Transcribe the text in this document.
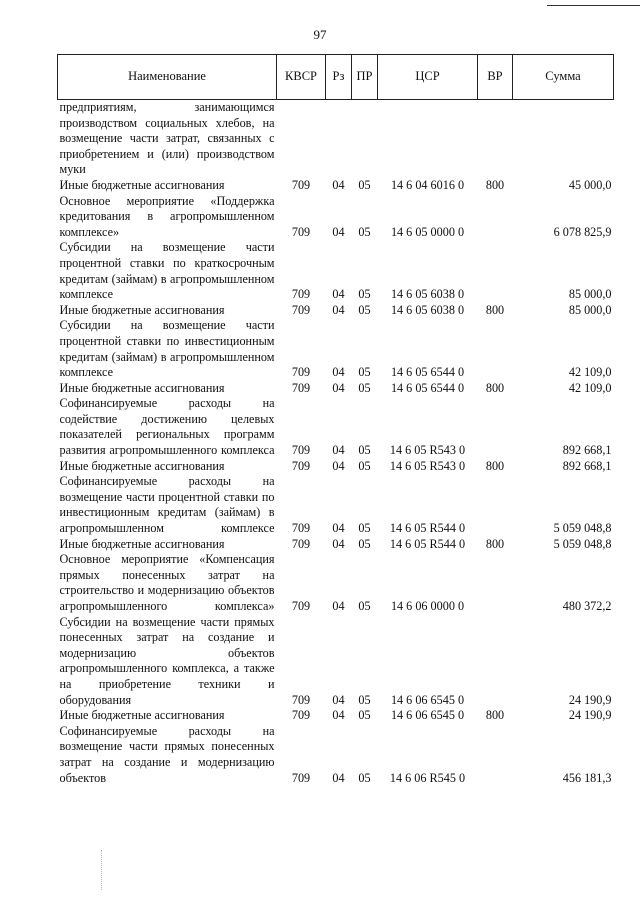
97
Наименование	КВСР	Рз	ПР	ЦСР	ВР	Сумма
предприятиям, занимающимся производством социальных хлебов, на возмещение части затрат, связанных с приобретением и (или) производством муки						
Иные бюджетные ассигнования	709	04	05	14 6 04 6016 0	800	45 000,0
Основное мероприятие «Поддержка кредитования в агропромышленном комплексе»	709	04	05	14 6 05 0000 0		6 078 825,9
Субсидии на возмещение части процентной ставки по краткосрочным кредитам (займам) в агропромышленном комплексе	709	04	05	14 6 05 6038 0		85 000,0
Иные бюджетные ассигнования	709	04	05	14 6 05 6038 0	800	85 000,0
Субсидии на возмещение части процентной ставки по инвестиционным кредитам (займам) в агропромышленном комплексе	709	04	05	14 6 05 6544 0		42 109,0
Иные бюджетные ассигнования	709	04	05	14 6 05 6544 0	800	42 109,0
Софинансируемые расходы на содействие достижению целевых показателей региональных программ развития агропромышленного комплекса	709	04	05	14 6 05 R543 0		892 668,1
Иные бюджетные ассигнования	709	04	05	14 6 05 R543 0	800	892 668,1
Софинансируемые расходы на возмещение части процентной ставки по инвестиционным кредитам (займам) в агропромышленном комплексе	709	04	05	14 6 05 R544 0		5 059 048,8
Иные бюджетные ассигнования	709	04	05	14 6 05 R544 0	800	5 059 048,8
Основное мероприятие «Компенсация прямых понесенных затрат на строительство и модернизацию объектов агропромышленного комплекса»	709	04	05	14 6 06 0000 0		480 372,2
Субсидии на возмещение части прямых понесенных затрат на создание и модернизацию объектов агропромышленного комплекса, а также на приобретение техники и оборудования	709	04	05	14 6 06 6545 0		24 190,9
Иные бюджетные ассигнования	709	04	05	14 6 06 6545 0	800	24 190,9
Софинансируемые расходы на возмещение части прямых понесенных затрат на создание и модернизацию объектов	709	04	05	14 6 06 R545 0		456 181,3
